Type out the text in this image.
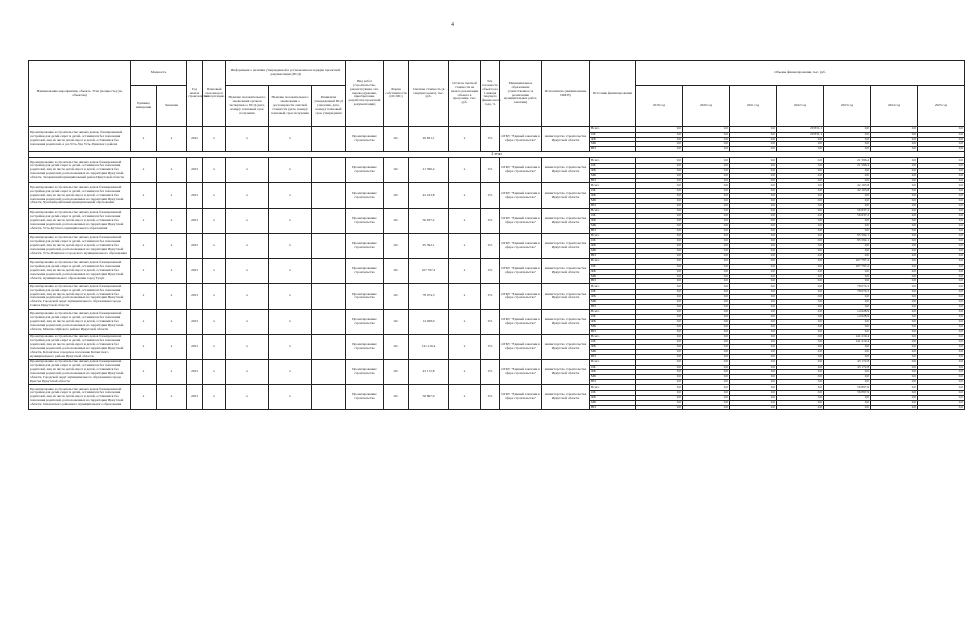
4
Наименование мероприятия, объекта. Этап (мощность) (по объектам)	Мощность		Год начала строительства	Плановый срок ввода в эксплуатацию	Информация о наличии утвержденной в установленном порядке проектной документации (ПСД)			Вид работ (строительство, реконструкция, тех. перевооружение, приобретение, разработка проектной документации)	Форма собственности (ОС/МС)	Сметная стоимость (в текущих ценах), тыс. руб.	Остаток сметной стоимости на начало реализации объекта в программе, тыс. руб.	Тех. готовность объекта на 1 января текущего финансового года, %	Муниципальное образование (ответственное за реализацию муниципальных работ, заказчик)	Исполнитель (наименование ИОГВ)	Источник финансирования	Объемы финансирования, тыс. руб.						
	Единица измерения	Значение			Наличие положительного заключения органов экспертизы о ПСД (дата, номер)/ плановый срок получения	Наличие положительного заключения о достоверности сметной стоимости (дата, номер)/ плановый срок получения	Реквизиты утвержденной ПСД (заказчик, дата, номер)/ плановый срок утверждения									2019 год	2020 год	2021 год	2022 год	2023 год	2024 год	2025 год
Проектирование и строительство жилых домов, блокированной застройки для детей-сирот и детей, оставшихся без попечения родителей, лиц из числа детей-сирот и детей, оставшихся без попечения родителей, в р.п.Усть-Уда Усть-Удинского района	x	x	2022	x	x	x		Проектирование/ строительство	ОС	29 831,1	x	0%	ОГКУ "Единый заказчик в сфере строительства"	министерство строительства Иркутской области	Всего	0,0	0,0	0,0	29 831,1	0,0	0,0	0,0
															ОБ	0,0	0,0	0,0	29 831,1	0,0	0,0	0,0
															ФБ	0,0	0,0	0,0	0,0	0,0	0,0	0,0
															МБ	0,0	0,0	0,0	0,0	0,0	0,0	0,0
															ВИ	0,0	0,0	0,0	0,0	0,0	0,0	0,0
2 этап																						
Проектирование и строительство жилых домов блокированной застройки для детей-сирот и детей, оставшихся без попечения родителей, лиц из числа детей-сирот и детей, оставшихся без попечения родителей, расположенных на территории Иркутской области, Заларинский муниципальный район Иркутской области	x	x	2023	x	x	x		Проектирование/ строительство	ОС	21 596,4	x	0%	ОГКУ "Единый заказчик в сфере строительства"	министерство строительства Иркутской области	Всего	0,0	0,0	0,0	0,0	21 596,4	0,0	0,0
															ОБ	0,0	0,0	0,0	0,0	21 596,4	0,0	0,0
															ФБ	0,0	0,0	0,0	0,0	0,0	0,0	0,0
															МБ	0,0	0,0	0,0	0,0	0,0	0,0	0,0
															ВИ	0,0	0,0	0,0	0,0	0,0	0,0	0,0
Проектирование и строительство жилых домов блокированной застройки для детей-сирот и детей, оставшихся без попечения родителей, лиц из числа детей-сирот и детей, оставшихся без попечения родителей, расположенных на территории Иркутской области, Чунский районный муниципальный образования	x	x	2023	x	x	x		Проектирование/ строительство	ОС	42 163,8	x	0%	ОГКУ "Единый заказчик в сфере строительства"	министерство строительства Иркутской области	Всего	0,0	0,0	0,0	0,0	42 163,8	0,0	0,0
															ОБ	0,0	0,0	0,0	0,0	42 163,8	0,0	0,0
															ФБ	0,0	0,0	0,0	0,0	0,0	0,0	0,0
															МБ	0,0	0,0	0,0	0,0	0,0	0,0	0,0
															ВИ	0,0	0,0	0,0	0,0	0,0	0,0	0,0
Проектирование и строительство жилых домов блокированной застройки для детей-сирот и детей, оставшихся без попечения родителей, лиц из числа детей-сирот и детей, оставшихся без попечения родителей, расположенных на территории Иркутской области, Усть-Кутского муниципального образования	x	x	2023	x	x	x		Проектирование/ строительство	ОС	56 637,2	x	0%	ОГКУ "Единый заказчик в сфере строительства"	министерство строительства Иркутской области	Всего	0,0	0,0	0,0	0,0	56 637,2	0,0	0,0
															ОБ	0,0	0,0	0,0	0,0	56 637,2	0,0	0,0
															ФБ	0,0	0,0	0,0	0,0	0,0	0,0	0,0
															МБ	0,0	0,0	0,0	0,0	0,0	0,0	0,0
															ВИ	0,0	0,0	0,0	0,0	0,0	0,0	0,0
Проектирование и строительство жилых домов блокированной застройки для детей-сирот и детей, оставшихся без попечения родителей, лиц из числа детей-сирот и детей, оставшихся без попечения родителей, расположенных на территории Иркутской области, Усть-Илимского городского муниципального образования	x	x	2023	x	x	x		Проектирование/ строительство	ОС	95 592,1	x	0%	ОГКУ "Единый заказчик в сфере строительства"	министерство строительства Иркутской области	Всего	0,0	0,0	0,0	0,0	95 592,1	0,0	0,0
															ОБ	0,0	0,0	0,0	0,0	95 592,1	0,0	0,0
															ФБ	0,0	0,0	0,0	0,0	0,0	0,0	0,0
															МБ	0,0	0,0	0,0	0,0	0,0	0,0	0,0
															ВИ	0,0	0,0	0,0	0,0	0,0	0,0	0,0
Проектирование и строительство жилых домов блокированной застройки для детей-сирот и детей, оставшихся без попечения родителей, лиц из числа детей-сирот и детей, оставшихся без попечения родителей, расположенных на территории Иркутской области, муниципального образования город Тулун	x	x	2023	x	x	x		Проектирование/ строительство	ОС	107 797,2	x	0%	ОГКУ "Единый заказчик в сфере строительства"	министерство строительства Иркутской области	Всего	0,0	0,0	0,0	0,0	107 797,2	0,0	0,0
															ОБ	0,0	0,0	0,0	0,0	107 797,2	0,0	0,0
															ФБ	0,0	0,0	0,0	0,0	0,0	0,0	0,0
															МБ	0,0	0,0	0,0	0,0	0,0	0,0	0,0
															ВИ	0,0	0,0	0,0	0,0	0,0	0,0	0,0
Проектирование и строительство жилых домов блокированной застройки для детей-сирот и детей, оставшихся без попечения родителей, лиц из числа детей-сирот и детей, оставшихся без попечения родителей, расположенных на территории Иркутской области, Городской округ муниципального образования города Саянск Иркутской области	x	x	2023	x	x	x		Проектирование/ строительство	ОС	78 074,3	x	0%	ОГКУ "Единый заказчик в сфере строительства"	министерство строительства Иркутской области	Всего	0,0	0,0	0,0	0,0	78 074,3	0,0	0,0
															ОБ	0,0	0,0	0,0	0,0	78 074,3	0,0	0,0
															ФБ	0,0	0,0	0,0	0,0	0,0	0,0	0,0
															МБ	0,0	0,0	0,0	0,0	0,0	0,0	0,0
															ВИ	0,0	0,0	0,0	0,0	0,0	0,0	0,0
Проектирование и строительство жилых домов блокированной застройки для детей-сирот и детей, оставшихся без попечения родителей, лиц из числа детей-сирот и детей, оставшихся без попечения родителей, расположенных на территории Иркутской области, Мамско-Чуйского района Иркутской области	x	x	2023	x	x	x		Проектирование/ строительство	ОС	14 928,9	x	0%	ОГКУ "Единый заказчик в сфере строительства"	министерство строительства Иркутской области	Всего	0,0	0,0	0,0	0,0	14 928,9	0,0	0,0
															ОБ	0,0	0,0	0,0	0,0	14 928,9	0,0	0,0
															ФБ	0,0	0,0	0,0	0,0	0,0	0,0	0,0
															МБ	0,0	0,0	0,0	0,0	0,0	0,0	0,0
															ВИ	0,0	0,0	0,0	0,0	0,0	0,0	0,0
Проектирование и строительство жилых домов блокированной застройки для детей-сирот и детей, оставшихся без попечения родителей, лиц из числа детей-сирот и детей, оставшихся без попечения родителей, расположенных на территории Иркутской области, Катангское городское поселение Катангского муниципального района Иркутской области	x	x	2023	x	x	x		Проектирование/ строительство	ОС	141 219,4	x	0%	ОГКУ "Единый заказчик в сфере строительства"	министерство строительства Иркутской области	Всего	0,0	0,0	0,0	0,0	141 219,4	0,0	0,0
															ОБ	0,0	0,0	0,0	0,0	141 219,4	0,0	0,0
															ФБ	0,0	0,0	0,0	0,0	0,0	0,0	0,0
															МБ	0,0	0,0	0,0	0,0	0,0	0,0	0,0
															ВИ	0,0	0,0	0,0	0,0	0,0	0,0	0,0
Проектирование и строительство жилых домов блокированной застройки для детей-сирот и детей, оставшихся без попечения родителей, лиц из числа детей-сирот и детей, оставшихся без попечения родителей, расположенных на территории Иркутской области, Городской округ муниципального образования города Братска Иркутской области	x	x	2023	x	x	x		Проектирование/ строительство	ОС	43 172,8	x	0%	ОГКУ "Единый заказчик в сфере строительства"	министерство строительства Иркутской области	Всего	0,0	0,0	0,0	0,0	43 172,8	0,0	0,0
															ОБ	0,0	0,0	0,0	0,0	43 172,8	0,0	0,0
															ФБ	0,0	0,0	0,0	0,0	0,0	0,0	0,0
															МБ	0,0	0,0	0,0	0,0	0,0	0,0	0,0
															ВИ	0,0	0,0	0,0	0,0	0,0	0,0	0,0
Проектирование и строительство жилых домов блокированной застройки для детей-сирот и детей, оставшихся без попечения родителей, лиц из числа детей-сирот и детей, оставшихся без попечения родителей, расположенных на территории Иркутской области, Ольхонского районного муниципального образования	x	x	2023	x	x	x		Проектирование/ строительство	ОС	56 897,9	x	0%	ОГКУ "Единый заказчик в сфере строительства"	министерство строительства Иркутской области	Всего	0,0	0,0	0,0	0,0	56 897,9	0,0	0,0
															ОБ	0,0	0,0	0,0	0,0	56 897,9	0,0	0,0
															ФБ	0,0	0,0	0,0	0,0	0,0	0,0	0,0
															МБ	0,0	0,0	0,0	0,0	0,0	0,0	0,0
															ВИ	0,0	0,0	0,0	0,0	0,0	0,0	0,0
